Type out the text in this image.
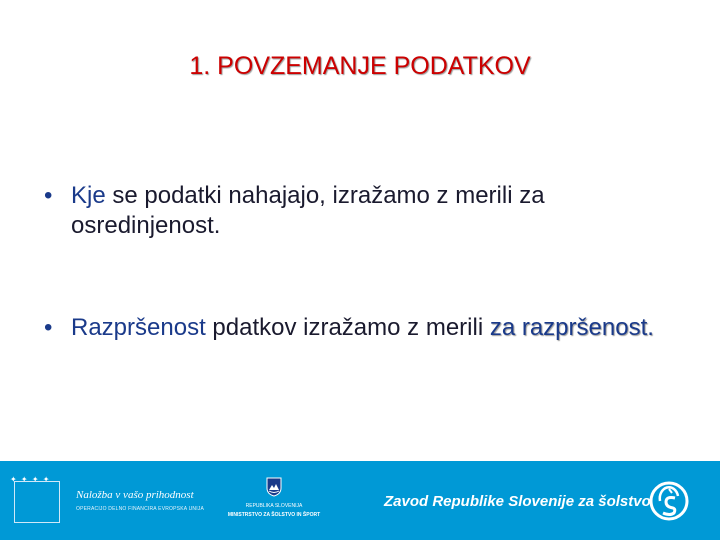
1. POVZEMANJE PODATKOV
• Kje se podatki nahajajo, izražamo z merili za osredinjenost.
• Razpršenost pdatkov izražamo z merili za razpršenost.
✦ ✦ ✦ ✦
Naložba v vašo prihodnost
OPERACIJO DELNO FINANCIRA EVROPSKA UNIJA	REPUBLIKA SLOVENIJA
MINISTRSTVO ZA ŠOLSTVO IN ŠPORT
Zavod Republike Slovenije za šolstvo
